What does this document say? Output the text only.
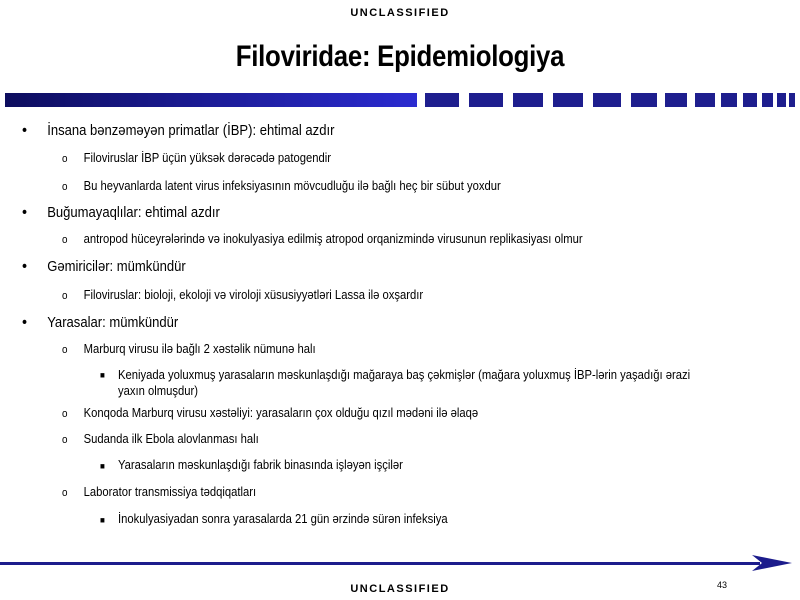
UNCLASSIFIED
Filoviridae: Epidemiologiya
• İnsana bənzəməyən primatlar (İBP): ehtimal azdır
o Filoviruslar İBP üçün yüksək dərəcədə patogendir
o Bu heyvanlarda latent virus infeksiyasının mövcudluğu ilə bağlı heç bir sübut yoxdur
• Buğumayaqlılar: ehtimal azdır
o antropod hüceyrələrində və inokulyasiya edilmiş atropod orqanizmində virusunun replikasiyası olmur
• Gəmiricilər: mümkündür
o Filoviruslar: bioloji, ekoloji və viroloji xüsusiyyətləri Lassa ilə oxşardır
• Yarasalar: mümkündür
o Marburq virusu ilə bağlı 2 xəstəlik nümunə halı
■ Keniyada yoluxmuş yarasaların məskunlaşdığı mağaraya baş çəkmişlər (mağara yoluxmuş İBP-lərin yaşadığı ərazi yaxın olmuşdur)
o Konqoda Marburq virusu xəstəliyi: yarasaların çox olduğu qızıl mədəni ilə əlaqə
o Sudanda ilk Ebola alovlanması halı
■ Yarasaların məskunlaşdığı fabrik binasında işləyən işçilər
o Laborator transmissiya tədqiqatları
■ İnokulyasiyadan sonra yarasalarda 21 gün ərzində sürən infeksiya
43
UNCLASSIFIED
